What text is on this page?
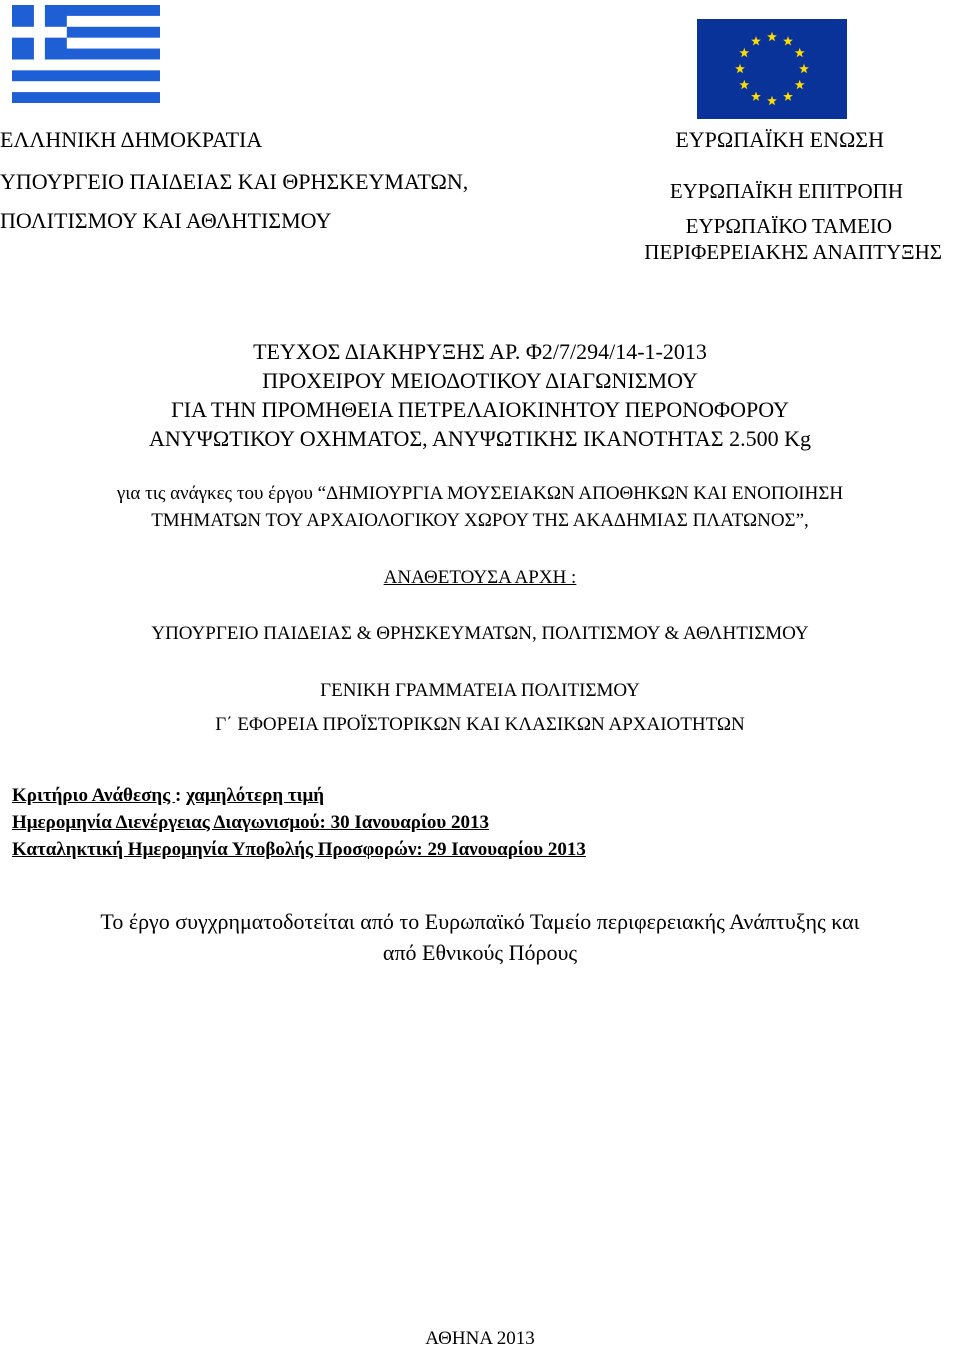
ΕΛΛΗΝΙΚΗ ΔΗΜΟΚΡΑΤΙΑ
ΥΠΟΥΡΓΕΙΟ ΠΑΙΔΕΙΑΣ ΚΑΙ ΘΡΗΣΚΕΥΜΑΤΩΝ,
ΠΟΛΙΤΙΣΜΟΥ ΚΑΙ ΑΘΛΗΤΙΣΜΟΥ
ΕΥΡΩΠΑΪΚΗ ΕΝΩΣΗ
ΕΥΡΩΠΑΪΚΗ ΕΠΙΤΡΟΠΗ
ΕΥΡΩΠΑΪΚΟ ΤΑΜΕΙΟ
ΠΕΡΙΦΕΡΕΙΑΚΗΣ ΑΝΑΠΤΥΞΗΣ
ΤΕΥΧΟΣ ΔΙΑΚΗΡΥΞΗΣ ΑΡ. Φ2/7/294/14-1-2013
ΠΡΟΧΕΙΡΟΥ ΜΕΙΟΔΟΤΙΚΟΥ ΔΙΑΓΩΝΙΣΜΟΥ
ΓΙΑ ΤΗΝ ΠΡΟΜΗΘΕΙΑ ΠΕΤΡΕΛΑΙΟΚΙΝΗΤΟΥ ΠΕΡΟΝΟΦΟΡΟΥ
ΑΝΥΨΩΤΙΚΟΥ ΟΧΗΜΑΤΟΣ, ΑΝΥΨΩΤΙΚΗΣ ΙΚΑΝΟΤΗΤΑΣ 2.500 Kg
για τις ανάγκες του έργου “ΔΗΜΙΟΥΡΓΙΑ ΜΟΥΣΕΙΑΚΩΝ ΑΠΟΘΗΚΩΝ ΚΑΙ ΕΝΟΠΟΙΗΣΗ
ΤΜΗΜΑΤΩΝ ΤΟΥ ΑΡΧΑΙΟΛΟΓΙΚΟΥ ΧΩΡΟΥ ΤΗΣ ΑΚΑΔΗΜΙΑΣ ΠΛΑΤΩΝΟΣ”,
ΑΝΑΘΕΤΟΥΣΑ ΑΡΧΗ :
ΥΠΟΥΡΓΕΙΟ ΠΑΙΔΕΙΑΣ & ΘΡΗΣΚΕΥΜΑΤΩΝ, ΠΟΛΙΤΙΣΜΟΥ & ΑΘΛΗΤΙΣΜΟΥ
ΓΕΝΙΚΗ ΓΡΑΜΜΑΤΕΙΑ ΠΟΛΙΤΙΣΜΟΥ
Γ΄ ΕΦΟΡΕΙΑ ΠΡΟΪΣΤΟΡΙΚΩΝ ΚΑΙ ΚΛΑΣΙΚΩΝ ΑΡΧΑΙΟΤΗΤΩΝ
Κριτήριο Ανάθεσης : χαμηλότερη τιμή
Ημερομηνία Διενέργειας Διαγωνισμού: 30 Ιανουαρίου 2013
Καταληκτική Ημερομηνία Υποβολής Προσφορών: 29 Ιανουαρίου 2013
Το έργο συγχρηματοδοτείται από το Ευρωπαϊκό Ταμείο περιφερειακής Ανάπτυξης και
από Εθνικούς Πόρους
ΑΘΗΝΑ 2013
